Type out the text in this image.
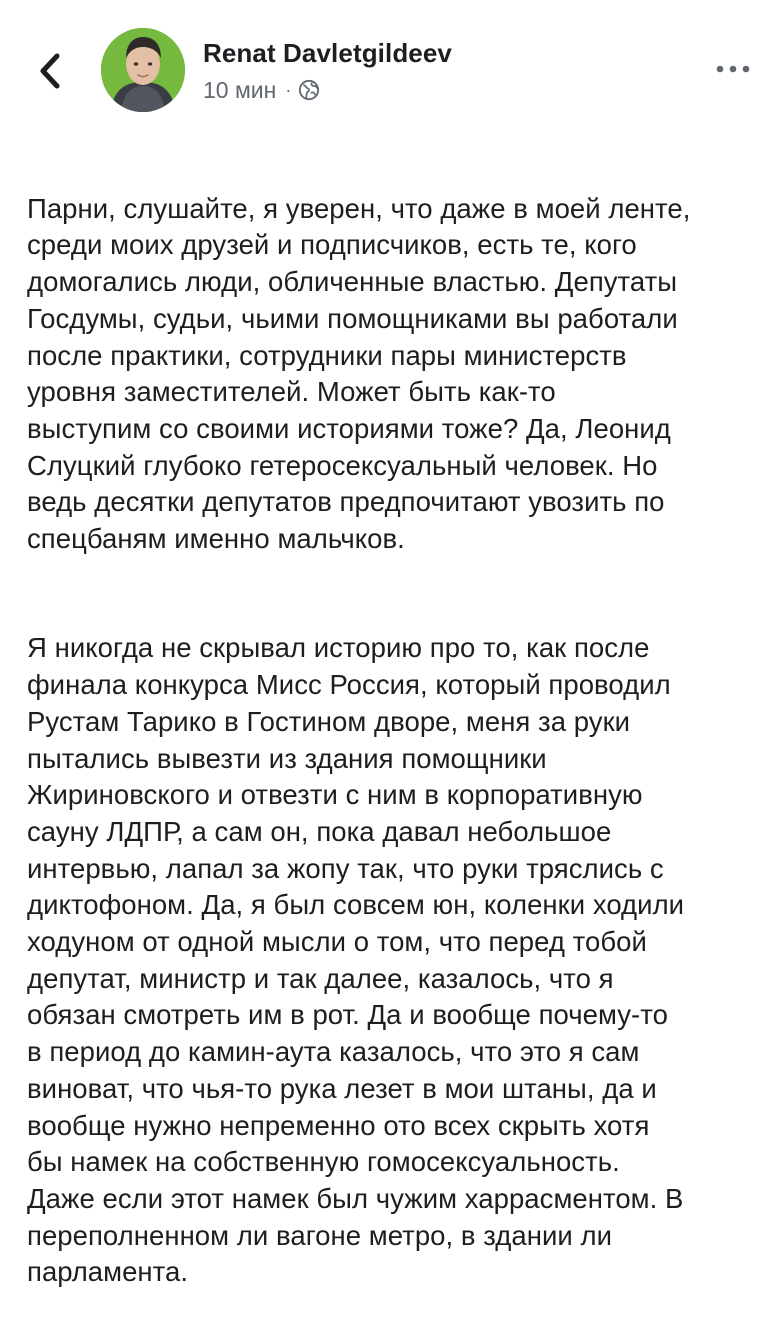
Renat Davletgildeev
10 мин ·

Парни, слушайте, я уверен, что даже в моей ленте,
среди моих друзей и подписчиков, есть те, кого
домогались люди, обличенные властью. Депутаты
Госдумы, судьи, чьими помощниками вы работали
после практики, сотрудники пары министерств
уровня заместителей. Может быть как-то
выступим со своими историями тоже? Да, Леонид
Слуцкий глубоко гетеросексуальный человек. Но
ведь десятки депутатов предпочитают увозить по
спецбаням именно мальчков.

Я никогда не скрывал историю про то, как после
финала конкурса Мисс Россия, который проводил
Рустам Тарико в Гостином дворе, меня за руки
пытались вывезти из здания помощники
Жириновского и отвезти с ним в корпоративную
сауну ЛДПР, а сам он, пока давал небольшое
интервью, лапал за жопу так, что руки тряслись с
диктофоном. Да, я был совсем юн, коленки ходили
ходуном от одной мысли о том, что перед тобой
депутат, министр и так далее, казалось, что я
обязан смотреть им в рот. Да и вообще почему-то
в период до камин-аута казалось, что это я сам
виноват, что чья-то рука лезет в мои штаны, да и
вообще нужно непременно ото всех скрыть хотя
бы намек на собственную гомосексуальность.
Даже если этот намек был чужим харрасментом. В
переполненном ли вагоне метро, в здании ли
парламента.
